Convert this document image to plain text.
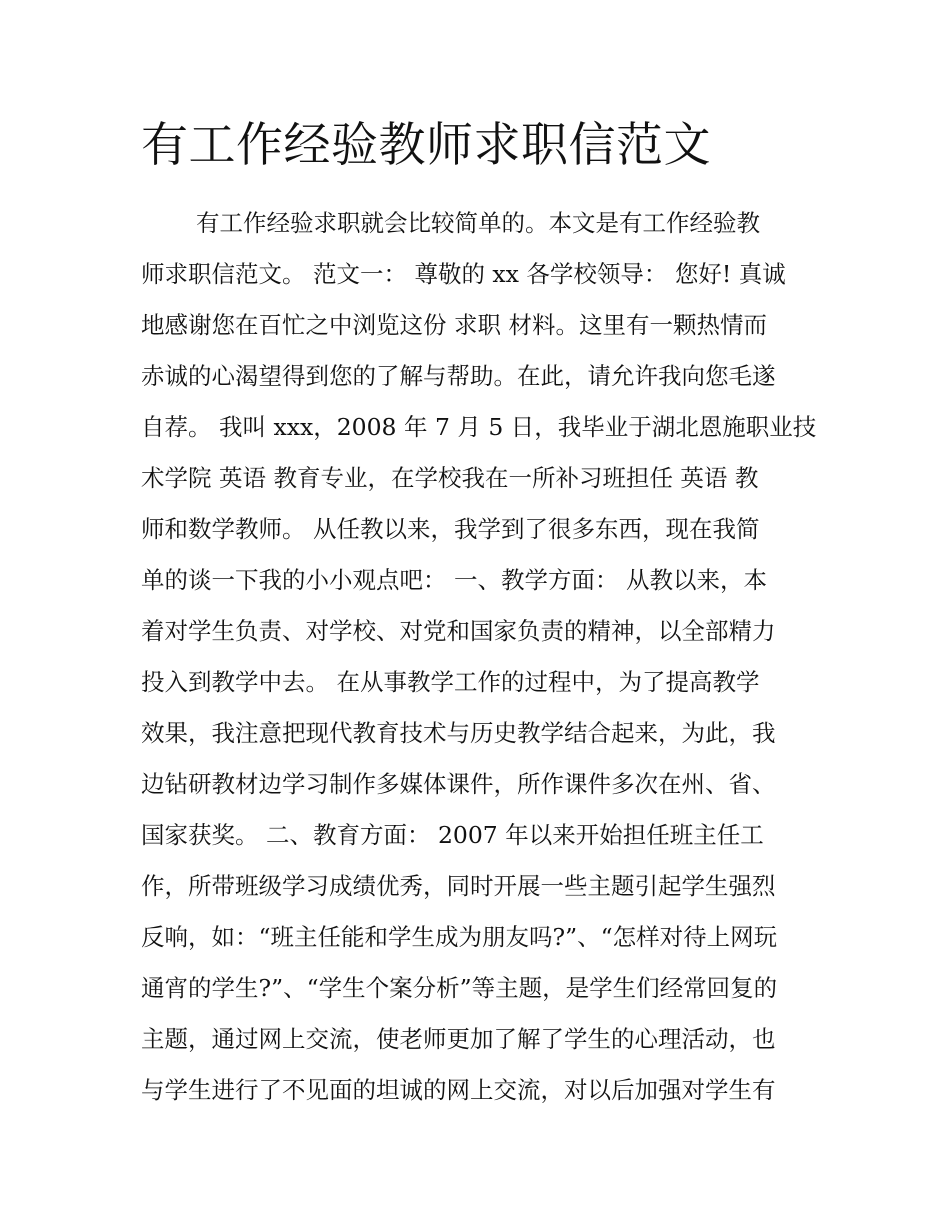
有工作经验教师求职信范文
有工作经验求职就会比较简单的。本文是有工作经验教
师求职信范文。 范文一： 尊敬的 xx 各学校领导： 您好! 真诚
地感谢您在百忙之中浏览这份 求职 材料。这里有一颗热情而
赤诚的心渴望得到您的了解与帮助。在此，请允许我向您毛遂
自荐。 我叫 xxx，2008 年 7 月 5 日，我毕业于湖北恩施职业技
术学院 英语 教育专业，在学校我在一所补习班担任 英语 教
师和数学教师。 从任教以来，我学到了很多东西，现在我简
单的谈一下我的小小观点吧： 一、教学方面： 从教以来，本
着对学生负责、对学校、对党和国家负责的精神，以全部精力
投入到教学中去。 在从事教学工作的过程中，为了提高教学
效果，我注意把现代教育技术与历史教学结合起来，为此，我
边钻研教材边学习制作多媒体课件，所作课件多次在州、省、
国家获奖。 二、教育方面： 2007 年以来开始担任班主任工
作，所带班级学习成绩优秀，同时开展一些主题引起学生强烈
反响，如：“班主任能和学生成为朋友吗?”、“怎样对待上网玩
通宵的学生?”、“学生个案分析”等主题，是学生们经常回复的
主题，通过网上交流，使老师更加了解了学生的心理活动，也
与学生进行了不见面的坦诚的网上交流，对以后加强对学生有
